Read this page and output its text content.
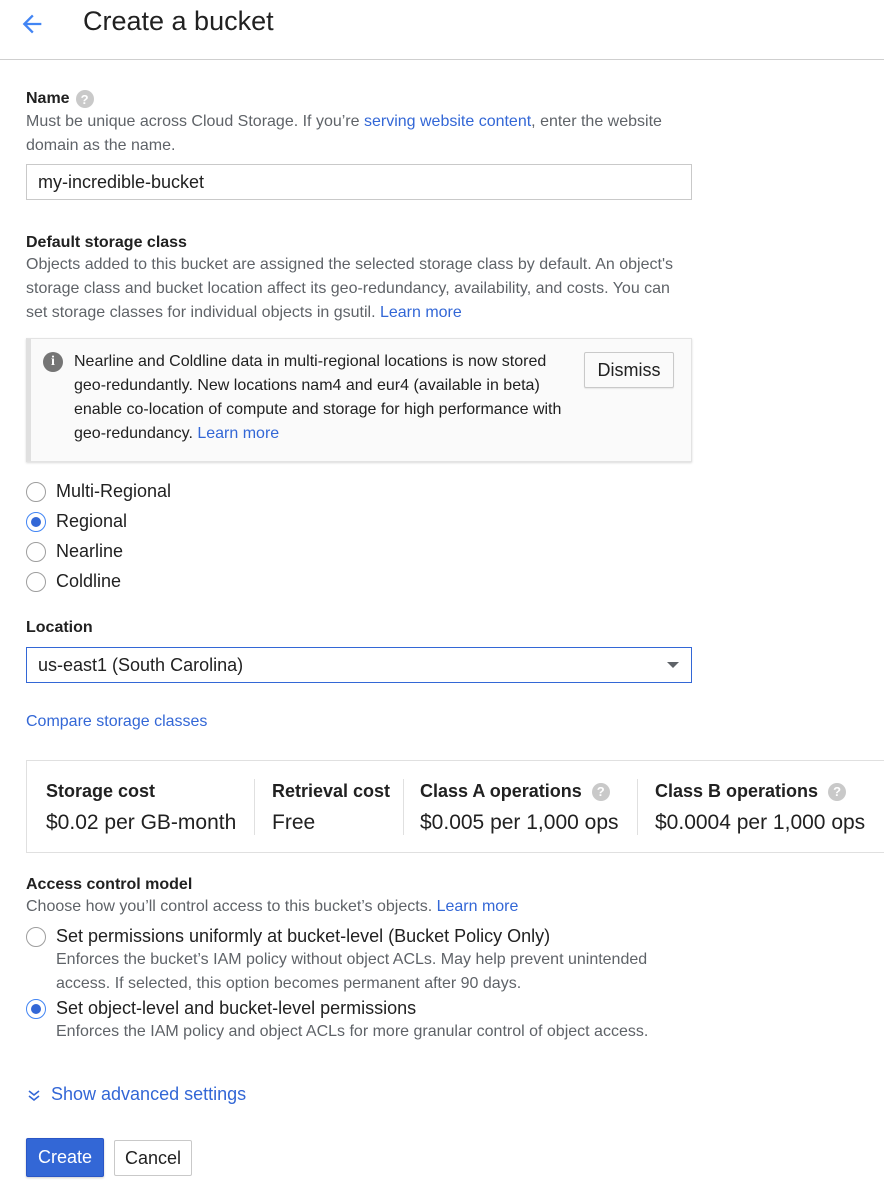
Create a bucket
Name ?
Must be unique across Cloud Storage. If you’re serving website content, enter the website domain as the name.
my-incredible-bucket
Default storage class
Objects added to this bucket are assigned the selected storage class by default. An object's storage class and bucket location affect its geo-redundancy, availability, and costs. You can set storage classes for individual objects in gsutil. Learn more
i	Nearline and Coldline data in multi-regional locations is now stored geo-redundantly. New locations nam4 and eur4 (available in beta) enable co-location of compute and storage for high performance with geo-redundancy. Learn more
Dismiss
Multi-Regional
Regional
Nearline
Coldline
Location
us-east1 (South Carolina)
Compare storage classes
Storage cost
$0.02 per GB-month
Retrieval cost
Free
Class A operations	?
$0.005 per 1,000 ops
Class B operations	?
$0.0004 per 1,000 ops
Access control model
Choose how you’ll control access to this bucket’s objects. Learn more
Set permissions uniformly at bucket-level (Bucket Policy Only)
Enforces the bucket’s IAM policy without object ACLs. May help prevent unintended access. If selected, this option becomes permanent after 90 days.
Set object-level and bucket-level permissions
Enforces the IAM policy and object ACLs for more granular control of object access.
Show advanced settings
Create	Cancel
